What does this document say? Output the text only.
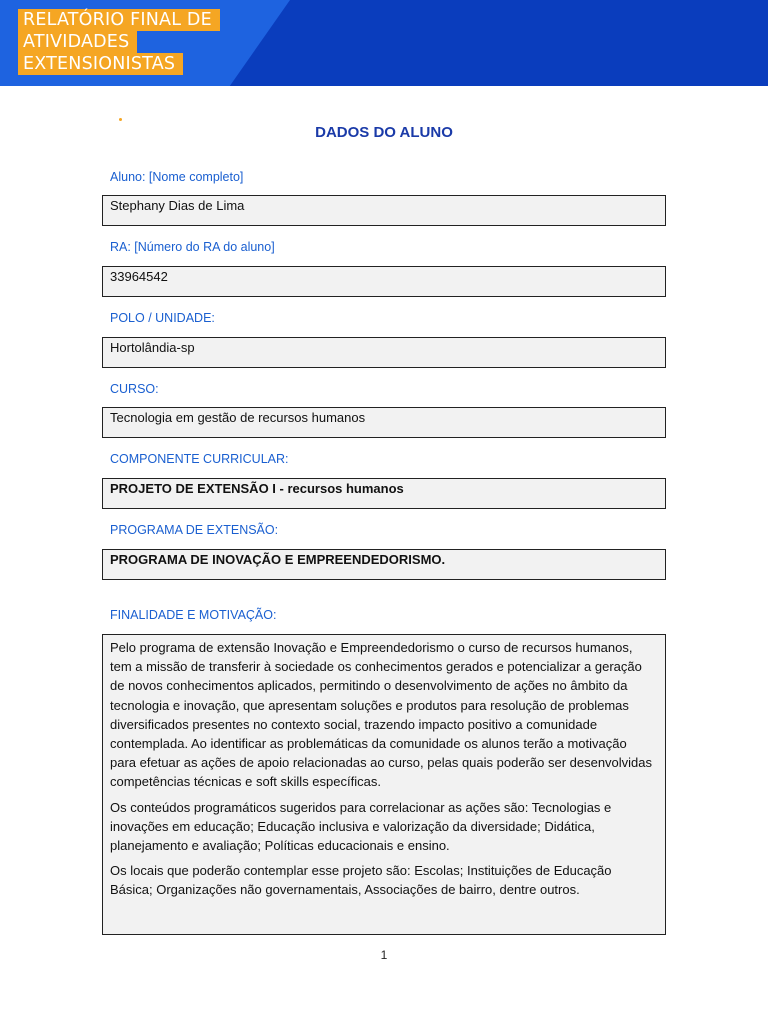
RELATÓRIO FINAL DE
ATIVIDADES
EXTENSIONISTAS
DADOS DO ALUNO
Aluno: [Nome completo]
Stephany Dias de Lima
RA: [Número do RA do aluno]
33964542
POLO / UNIDADE:
Hortolândia-sp
CURSO:
Tecnologia em gestão de recursos humanos
COMPONENTE CURRICULAR:
PROJETO DE EXTENSÃO I - recursos humanos
PROGRAMA DE EXTENSÃO:
PROGRAMA DE INOVAÇÃO E EMPREENDEDORISMO.
FINALIDADE E MOTIVAÇÃO:

Pelo programa de extensão Inovação e Empreendedorismo o curso de recursos humanos, tem a missão de transferir à sociedade os conhecimentos gerados e potencializar a geração de novos conhecimentos aplicados, permitindo o desenvolvimento de ações no âmbito da tecnologia e inovação, que apresentam soluções e produtos para resolução de problemas diversificados presentes no contexto social, trazendo impacto positivo a comunidade contemplada. Ao identificar as problemáticas da comunidade os alunos terão a motivação para efetuar as ações de apoio relacionadas ao curso, pelas quais poderão ser desenvolvidas competências técnicas e soft skills específicas.

Os conteúdos programáticos sugeridos para correlacionar as ações são: Tecnologias e inovações em educação; Educação inclusiva e valorização da diversidade; Didática, planejamento e avaliação; Políticas educacionais e ensino.

Os locais que poderão contemplar esse projeto são: Escolas; Instituições de Educação Básica; Organizações não governamentais, Associações de bairro, dentre outros.

1
